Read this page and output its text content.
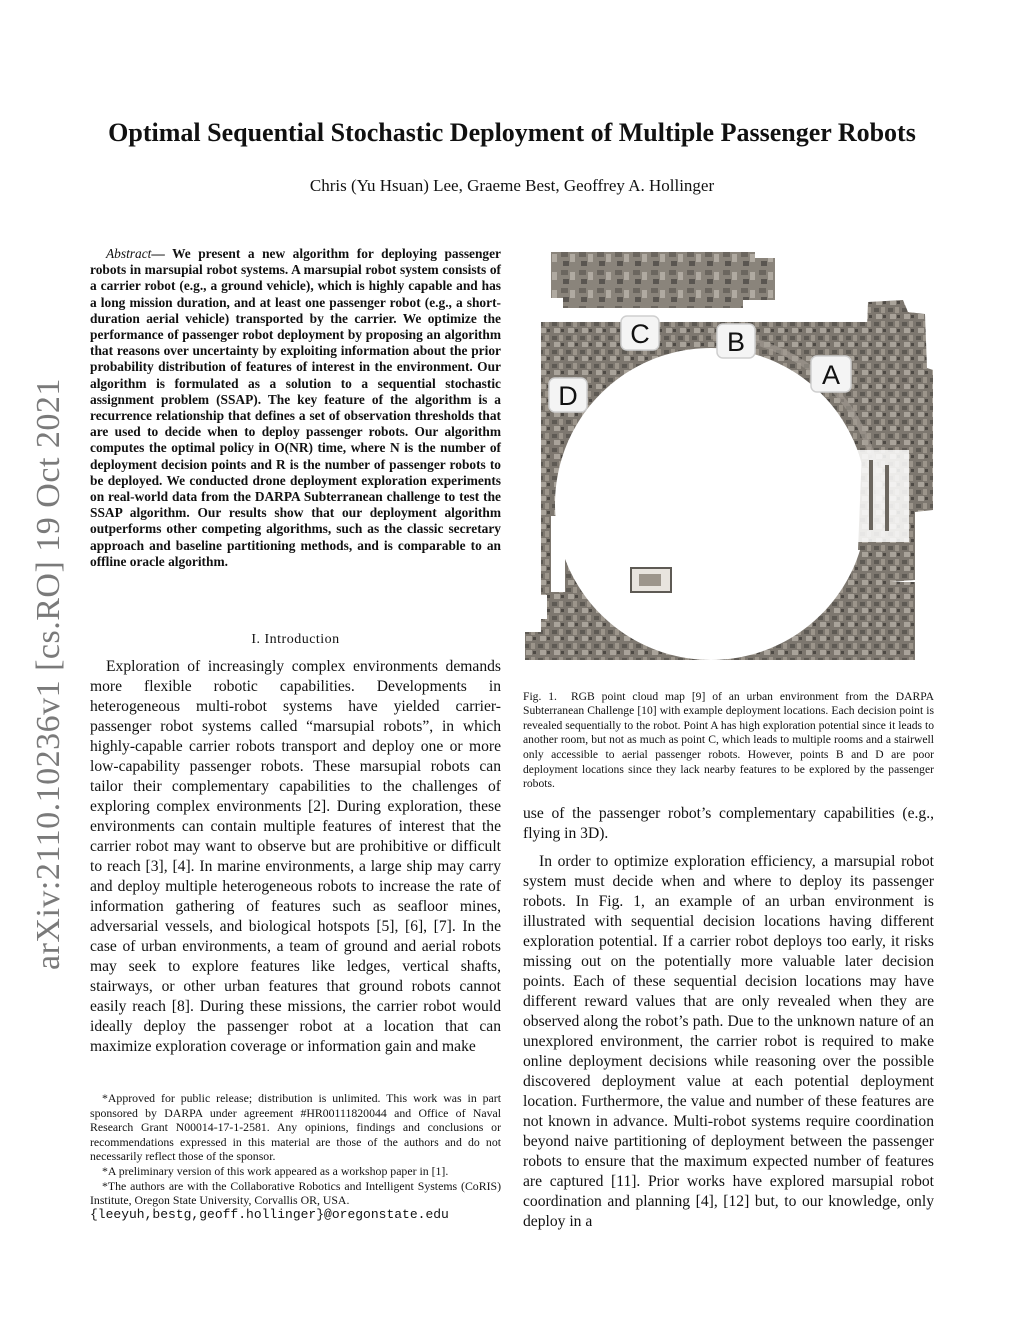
arXiv:2110.10236v1 [cs.RO] 19 Oct 2021
Optimal Sequential Stochastic Deployment of Multiple Passenger Robots
Chris (Yu Hsuan) Lee, Graeme Best, Geoffrey A. Hollinger

Abstract— We present a new algorithm for deploying passenger robots in marsupial robot systems. A marsupial robot system consists of a carrier robot (e.g., a ground vehicle), which is highly capable and has a long mission duration, and at least one passenger robot (e.g., a short-duration aerial vehicle) transported by the carrier. We optimize the performance of passenger robot deployment by proposing an algorithm that reasons over uncertainty by exploiting information about the prior probability distribution of features of interest in the environment. Our algorithm is formulated as a solution to a sequential stochastic assignment problem (SSAP). The key feature of the algorithm is a recurrence relationship that defines a set of observation thresholds that are used to decide when to deploy passenger robots. Our algorithm computes the optimal policy in O(NR) time, where N is the number of deployment decision points and R is the number of passenger robots to be deployed. We conducted drone deployment exploration experiments on real-world data from the DARPA Subterranean challenge to test the SSAP algorithm. Our results show that our deployment algorithm outperforms other competing algorithms, such as the classic secretary approach and baseline partitioning methods, and is comparable to an offline oracle algorithm.

I. Introduction

Exploration of increasingly complex environments demands more flexible robotic capabilities. Developments in heterogeneous multi-robot systems have yielded carrier-passenger robot systems called “marsupial robots”, in which highly-capable carrier robots transport and deploy one or more low-capability passenger robots. These marsupial robots can tailor their complementary capabilities to the challenges of exploring complex environments [2]. During exploration, these environments can contain multiple features of interest that the carrier robot may want to observe but are prohibitive or difficult to reach [3], [4]. In marine environments, a large ship may carry and deploy multiple heterogeneous robots to increase the rate of information gathering of features such as seafloor mines, adversarial vessels, and biological hotspots [5], [6], [7]. In the case of urban environments, a team of ground and aerial robots may seek to explore features like ledges, vertical shafts, stairways, or other urban features that ground robots cannot easily reach [8]. During these missions, the carrier robot would ideally deploy the passenger robot at a location that can maximize exploration coverage or information gain and make

*Approved for public release; distribution is unlimited. This work was in part sponsored by DARPA under agreement #HR00111820044 and Office of Naval Research Grant N00014-17-1-2581. Any opinions, findings and conclusions or recommendations expressed in this material are those of the authors and do not necessarily reflect those of the sponsor.

*A preliminary version of this work appeared as a workshop paper in [1].

*The authors are with the Collaborative Robotics and Intelligent Systems (CoRIS) Institute, Oregon State University, Corvallis OR, USA.

{leeyuh,bestg,geoff.hollinger}@oregonstate.edu

C	B
A
D

Fig. 1. RGB point cloud map [9] of an urban environment from the DARPA Subterranean Challenge [10] with example deployment locations. Each decision point is revealed sequentially to the robot. Point A has high exploration potential since it leads to another room, but not as much as point C, which leads to multiple rooms and a stairwell only accessible to aerial passenger robots. However, points B and D are poor deployment locations since they lack nearby features to be explored by the passenger robots.

use of the passenger robot’s complementary capabilities (e.g., flying in 3D).

In order to optimize exploration efficiency, a marsupial robot system must decide when and where to deploy its passenger robots. In Fig. 1, an example of an urban environment is illustrated with sequential decision locations having different exploration potential. If a carrier robot deploys too early, it risks missing out on the potentially more valuable later decision points. Each of these sequential decision locations may have different reward values that are only revealed when they are observed along the robot’s path. Due to the unknown nature of an unexplored environment, the carrier robot is required to make online deployment decisions while reasoning over the possible discovered deployment value at each potential deployment location. Furthermore, the value and number of these features are not known in advance. Multi-robot systems require coordination beyond naive partitioning of deployment between the passenger robots to ensure that the maximum expected number of features are captured [11]. Prior works have explored marsupial robot coordination and planning [4], [12] but, to our knowledge, only deploy in a
